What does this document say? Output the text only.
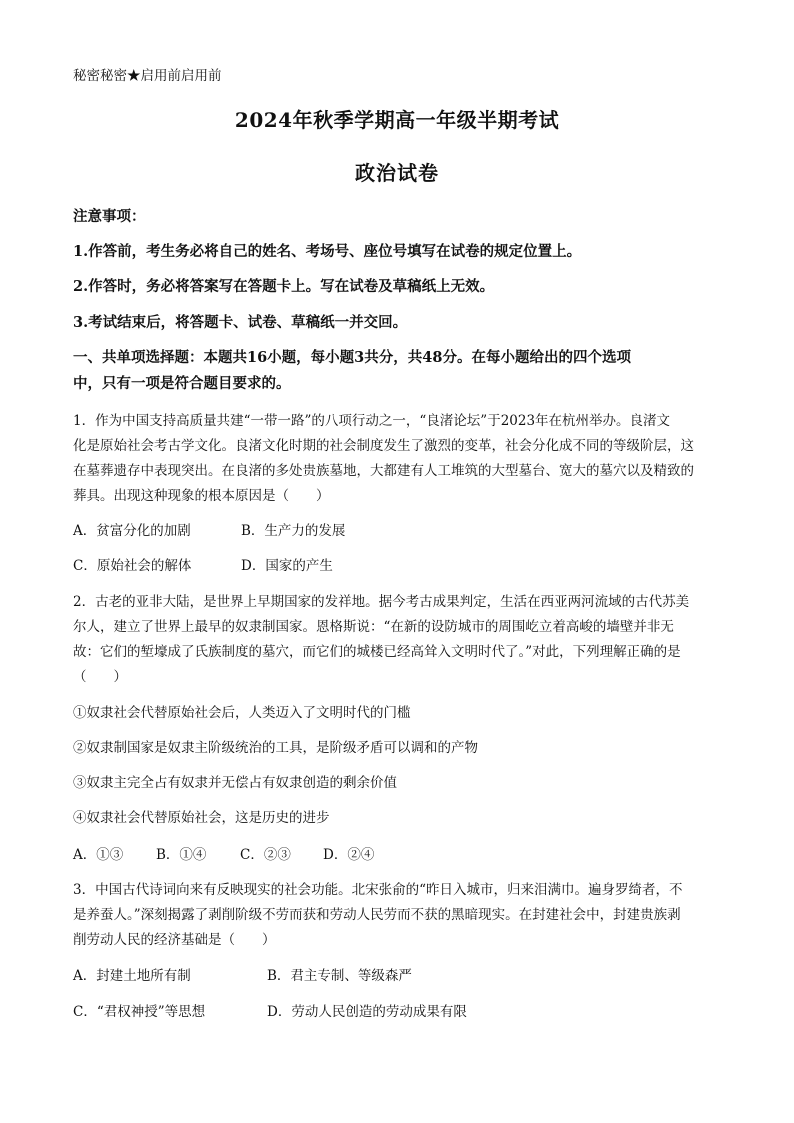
秘密秘密★启用前启用前
2024年秋季学期高一年级半期考试
政治试卷
注意事项：
1.作答前，考生务必将自己的姓名、考场号、座位号填写在试卷的规定位置上。
2.作答时，务必将答案写在答题卡上。写在试卷及草稿纸上无效。
3.考试结束后，将答题卡、试卷、草稿纸一并交回。
一、共单项选择题：本题共16小题，每小题3共分，共48分。在每小题给出的四个选项
中，只有一项是符合题目要求的。
1．作为中国支持高质量共建“一带一路”的八项行动之一，“良渚论坛”于2023年在杭州举办。良渚文
化是原始社会考古学文化。良渚文化时期的社会制度发生了激烈的变革，社会分化成不同的等级阶层，这
在墓葬遗存中表现突出。在良渚的多处贵族墓地，大都建有人工堆筑的大型墓台、宽大的墓穴以及精致的
葬具。出现这种现象的根本原因是（　　）
A．贫富分化的加剧	B．生产力的发展
C．原始社会的解体	D．国家的产生
2．古老的亚非大陆，是世界上早期国家的发祥地。据今考古成果判定，生活在西亚两河流域的古代苏美
尔人，建立了世界上最早的奴隶制国家。恩格斯说：“在新的设防城市的周围屹立着高峻的墙壁并非无
故：它们的堑壕成了氏族制度的墓穴，而它们的城楼已经高耸入文明时代了。”对此，下列理解正确的是
（　　）
①奴隶社会代替原始社会后，人类迈入了文明时代的门槛
②奴隶制国家是奴隶主阶级统治的工具，是阶级矛盾可以调和的产物
③奴隶主完全占有奴隶并无偿占有奴隶创造的剩余价值
④奴隶社会代替原始社会，这是历史的进步
A．①③ B．①④ C．②③ D．②④
3．中国古代诗词向来有反映现实的社会功能。北宋张俞的“昨日入城市，归来泪满巾。遍身罗绮者，不
是养蚕人。”深刻揭露了剥削阶级不劳而获和劳动人民劳而不获的黑暗现实。在封建社会中，封建贵族剥
削劳动人民的经济基础是（　　）
A．封建土地所有制	B．君主专制、等级森严
C．“君权神授”等思想	D．劳动人民创造的劳动成果有限
